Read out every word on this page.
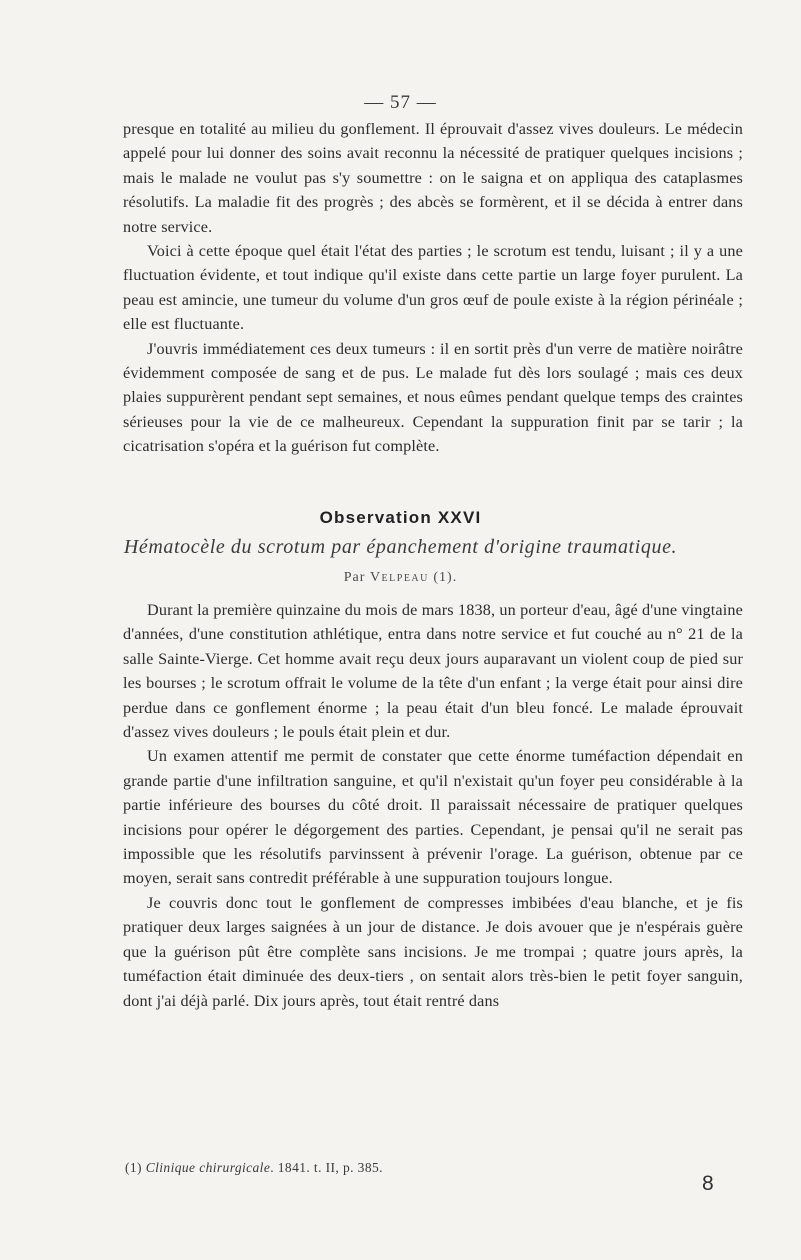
— 57 —

presque en totalité au milieu du gonflement. Il éprouvait d'assez vives douleurs. Le médecin appelé pour lui donner des soins avait reconnu la nécessité de pratiquer quelques incisions ; mais le malade ne voulut pas s'y soumettre : on le saigna et on appliqua des cataplasmes résolutifs. La maladie fit des progrès ; des abcès se formèrent, et il se décida à entrer dans notre service.

Voici à cette époque quel était l'état des parties ; le scrotum est tendu, luisant ; il y a une fluctuation évidente, et tout indique qu'il existe dans cette partie un large foyer purulent. La peau est amincie, une tumeur du volume d'un gros œuf de poule existe à la région périnéale ; elle est fluctuante.

J'ouvris immédiatement ces deux tumeurs : il en sortit près d'un verre de matière noirâtre évidemment composée de sang et de pus. Le malade fut dès lors soulagé ; mais ces deux plaies suppurèrent pendant sept semaines, et nous eûmes pendant quelque temps des craintes sérieuses pour la vie de ce malheureux. Cependant la suppuration finit par se tarir ; la cicatrisation s'opéra et la guérison fut complète.

Observation XXVI
Hématocèle du scrotum par épanchement d'origine traumatique.
Par Velpeau (1).

Durant la première quinzaine du mois de mars 1838, un porteur d'eau, âgé d'une vingtaine d'années, d'une constitution athlétique, entra dans notre service et fut couché au n° 21 de la salle Sainte-Vierge. Cet homme avait reçu deux jours auparavant un violent coup de pied sur les bourses ; le scrotum offrait le volume de la tête d'un enfant ; la verge était pour ainsi dire perdue dans ce gonflement énorme ; la peau était d'un bleu foncé. Le malade éprouvait d'assez vives douleurs ; le pouls était plein et dur.

Un examen attentif me permit de constater que cette énorme tuméfaction dépendait en grande partie d'une infiltration sanguine, et qu'il n'existait qu'un foyer peu considérable à la partie inférieure des bourses du côté droit. Il paraissait nécessaire de pratiquer quelques incisions pour opérer le dégorgement des parties. Cependant, je pensai qu'il ne serait pas impossible que les résolutifs parvinssent à prévenir l'orage. La guérison, obtenue par ce moyen, serait sans contredit préférable à une suppuration toujours longue.

Je couvris donc tout le gonflement de compresses imbibées d'eau blanche, et je fis pratiquer deux larges saignées à un jour de distance. Je dois avouer que je n'espérais guère que la guérison pût être complète sans incisions. Je me trompai ; quatre jours après, la tuméfaction était diminuée des deux-tiers , on sentait alors très-bien le petit foyer sanguin, dont j'ai déjà parlé. Dix jours après, tout était rentré dans

(1) Clinique chirurgicale. 1841. t. II, p. 385.
8
